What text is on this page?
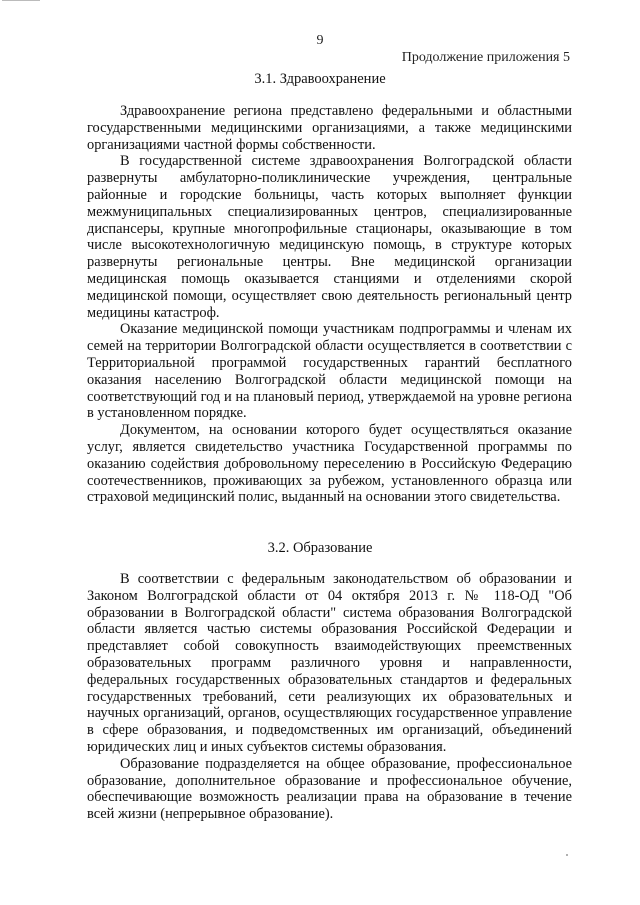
9
Продолжение приложения 5
3.1. Здравоохранение

Здравоохранение региона представлено федеральными и областными государственными медицинскими организациями, а также медицинскими организациями частной формы собственности.

В государственной системе здравоохранения Волгоградской области развернуты амбулаторно-поликлинические учреждения, центральные районные и городские больницы, часть которых выполняет функции межмуниципальных специализированных центров, специализированные диспансеры, крупные многопрофильные стационары, оказывающие в том числе высокотехнологичную медицинскую помощь, в структуре которых развернуты региональные центры. Вне медицинской организации медицинская помощь оказывается станциями и отделениями скорой медицинской помощи, осуществляет свою деятельность региональный центр медицины катастроф.

Оказание медицинской помощи участникам подпрограммы и членам их семей на территории Волгоградской области осуществляется в соответствии с Территориальной программой государственных гарантий бесплатного оказания населению Волгоградской области медицинской помощи на соответствующий год и на плановый период, утверждаемой на уровне региона в установленном порядке.

Документом, на основании которого будет осуществляться оказание услуг, является свидетельство участника Государственной программы по оказанию содействия добровольному переселению в Российскую Федерацию соотечественников, проживающих за рубежом, установленного образца или страховой медицинский полис, выданный на основании этого свидетельства.

3.2. Образование

В соответствии с федеральным законодательством об образовании и Законом Волгоградской области от 04 октября 2013 г. № 118-ОД "Об образовании в Волгоградской области" система образования Волгоградской области является частью системы образования Российской Федерации и представляет собой совокупность взаимодействующих преемственных образовательных программ различного уровня и направленности, федеральных государственных образовательных стандартов и федеральных государственных требований, сети реализующих их образовательных и научных организаций, органов, осуществляющих государственное управление в сфере образования, и подведомственных им организаций, объединений юридических лиц и иных субъектов системы образования.

Образование подразделяется на общее образование, профессиональное образование, дополнительное образование и профессиональное обучение, обеспечивающие возможность реализации права на образование в течение всей жизни (непрерывное образование).
